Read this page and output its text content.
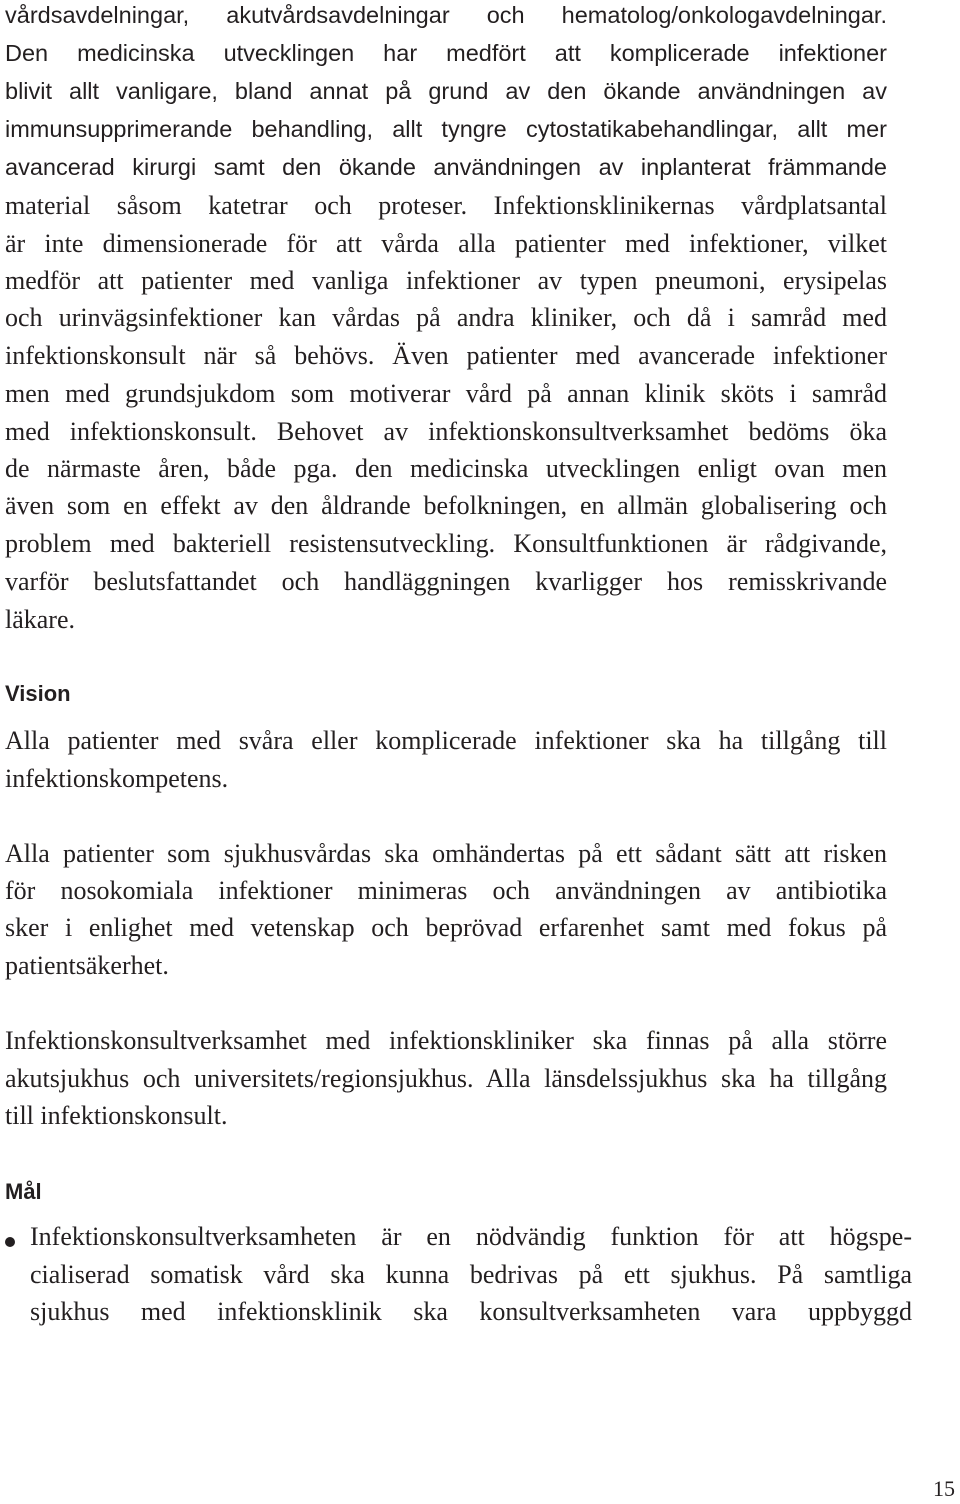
vårdsavdelningar, akutvårdsavdelningar och hematolog/onkologavdelningar.
Den medicinska utvecklingen har medfört att komplicerade infektioner
blivit allt vanligare, bland annat på grund av den ökande användningen av
immunsupprimerande behandling, allt tyngre cytostatikabehandlingar, allt mer
avancerad kirurgi samt den ökande användningen av inplanterat främmande
material såsom katetrar och proteser. Infektionsklinikernas vårdplatsantal
är inte dimensionerade för att vårda alla patienter med infektioner, vilket
medför att patienter med vanliga infektioner av typen pneumoni, erysipelas
och urinvägsinfektioner kan vårdas på andra kliniker, och då i samråd med
infektionskonsult när så behövs. Även patienter med avancerade infektioner
men med grundsjukdom som motiverar vård på annan klinik sköts i samråd
med infektionskonsult. Behovet av infektionskonsultverksamhet bedöms öka
de närmaste åren, både pga. den medicinska utvecklingen enligt ovan men
även som en effekt av den åldrande befolkningen, en allmän globalisering och
problem med bakteriell resistensutveckling. Konsultfunktionen är rådgivande,
varför beslutsfattandet och handläggningen kvarligger hos remisskrivande
läkare.
Vision
Alla patienter med svåra eller komplicerade infektioner ska ha tillgång till
infektionskompetens.
Alla patienter som sjukhusvårdas ska omhändertas på ett sådant sätt att risken
för nosokomiala infektioner minimeras och användningen av antibiotika
sker i enlighet med vetenskap och beprövad erfarenhet samt med fokus på
patientsäkerhet.
Infektionskonsultverksamhet med infektionskliniker ska finnas på alla större
akutsjukhus och universitets/regionsjukhus. Alla länsdelssjukhus ska ha tillgång
till infektionskonsult.
Mål
Infektionskonsultverksamheten är en nödvändig funktion för att högspe-
cialiserad somatisk vård ska kunna bedrivas på ett sjukhus. På samtliga
sjukhus med infektionsklinik ska konsultverksamheten vara uppbyggd
15
